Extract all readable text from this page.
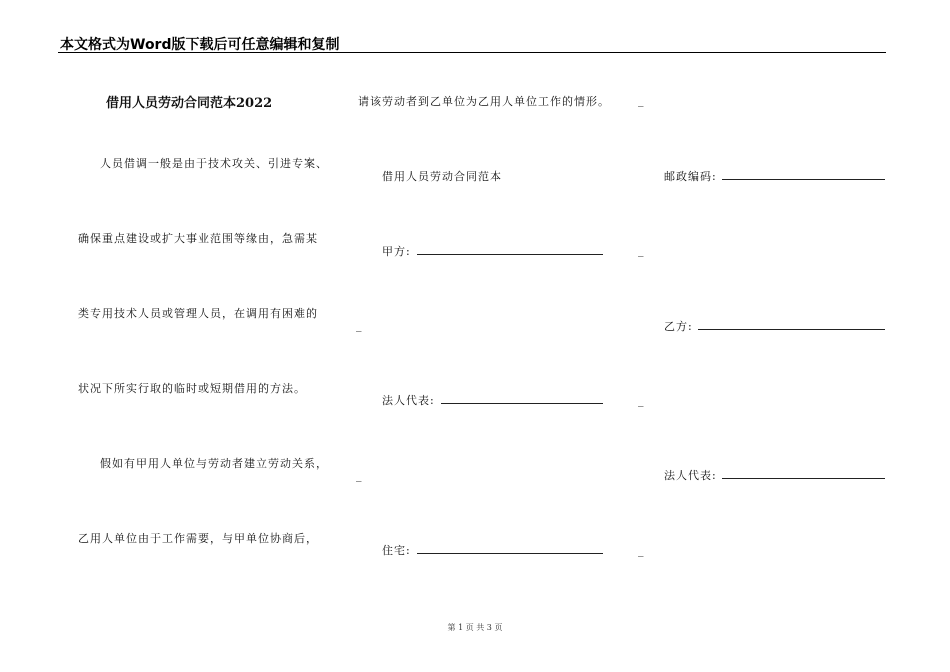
本文格式为Word版下载后可任意编辑和复制
借用人员劳动合同范本2022
人员借调一般是由于技术攻关、引进专案、
确保重点建设或扩大事业范围等缘由，急需某
类专用技术人员或管理人员，在调用有困难的
状况下所实行取的临时或短期借用的方法。
假如有甲用人单位与劳动者建立劳动关系，
乙用人单位由于工作需要，与甲单位协商后，
请该劳动者到乙单位为乙用人单位工作的情形。	_
借用人员劳动合同范本
甲方:	_
_
法人代表:	_
_
住宅:	_
邮政编码:
乙方:
法人代表:
第 1 页 共 3 页
